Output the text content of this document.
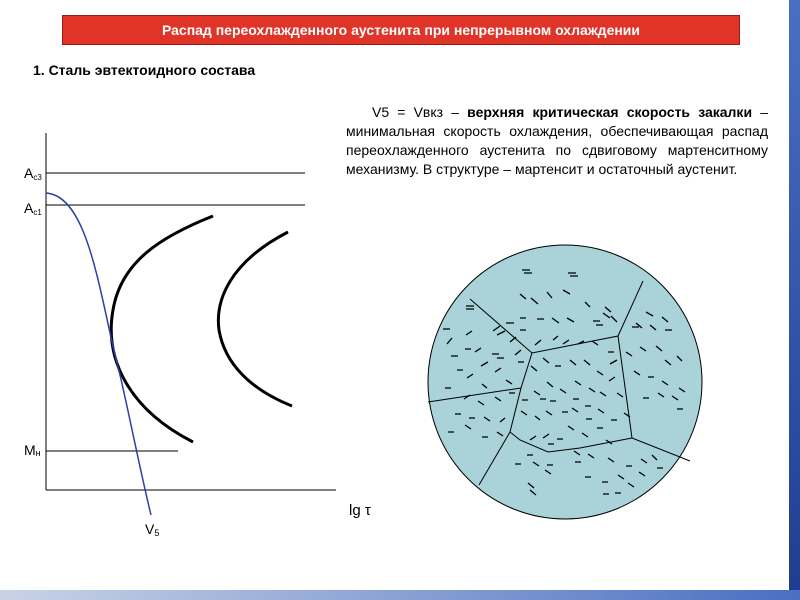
Распад переохлажденного аустенита при непрерывном охлаждении
1. Сталь эвтектоидного состава
V5 = Vвкз – верхняя критическая скорость закалки – минимальная скорость охлаждения, обеспечивающая распад переохлажденного аустенита по сдвиговому мартенситному механизму. В структуре – мартенсит и остаточный аустенит.
Ac3
Ac1
Mн
V5
lg τ
